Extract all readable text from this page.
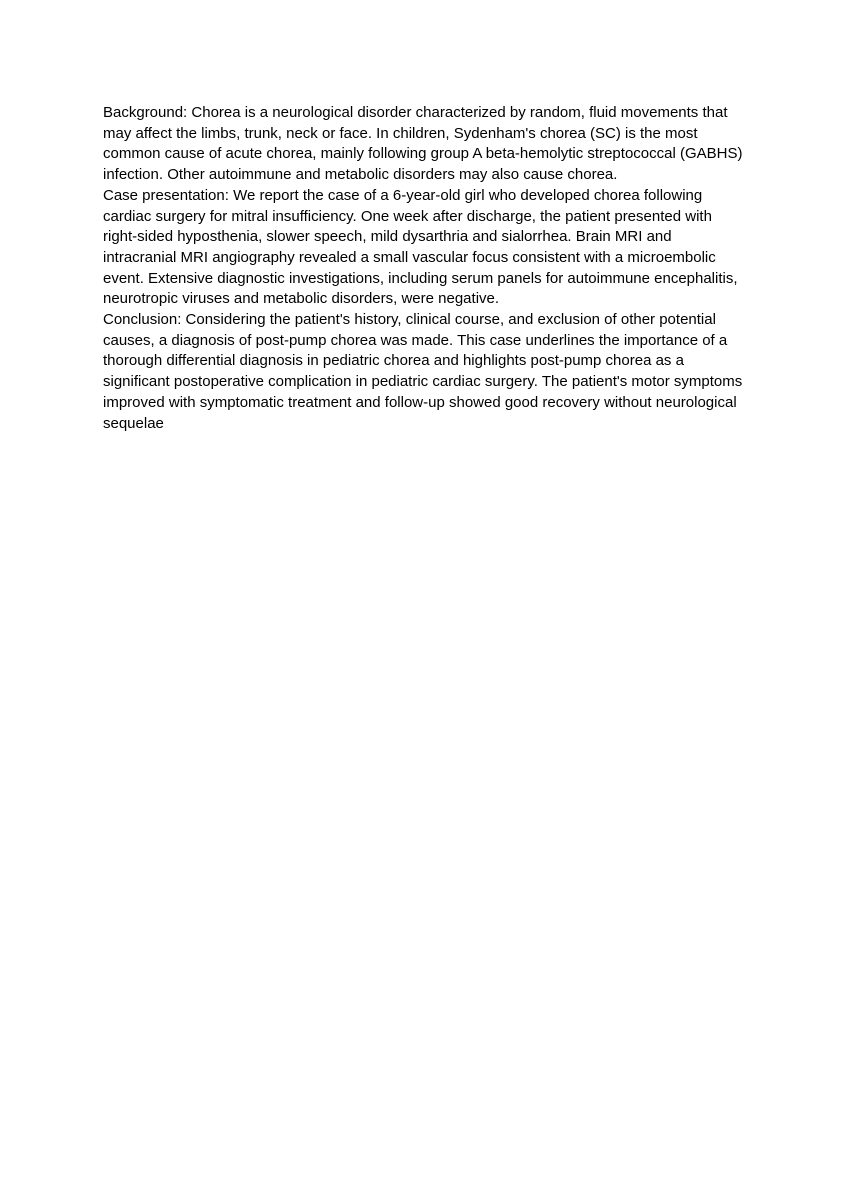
Background: Chorea is a neurological disorder characterized by random, fluid movements that may affect the limbs, trunk, neck or face. In children, Sydenham's chorea (SC) is the most common cause of acute chorea, mainly following group A beta-hemolytic streptococcal (GABHS) infection. Other autoimmune and metabolic disorders may also cause chorea.

Case presentation: We report the case of a 6-year-old girl who developed chorea following cardiac surgery for mitral insufficiency. One week after discharge, the patient presented with right-sided hyposthenia, slower speech, mild dysarthria and sialorrhea. Brain MRI and intracranial MRI angiography revealed a small vascular focus consistent with a microembolic event. Extensive diagnostic investigations, including serum panels for autoimmune encephalitis, neurotropic viruses and metabolic disorders, were negative.

Conclusion: Considering the patient's history, clinical course, and exclusion of other potential causes, a diagnosis of post-pump chorea was made. This case underlines the importance of a thorough differential diagnosis in pediatric chorea and highlights post-pump chorea as a significant postoperative complication in pediatric cardiac surgery. The patient's motor symptoms improved with symptomatic treatment and follow-up showed good recovery without neurological sequelae
